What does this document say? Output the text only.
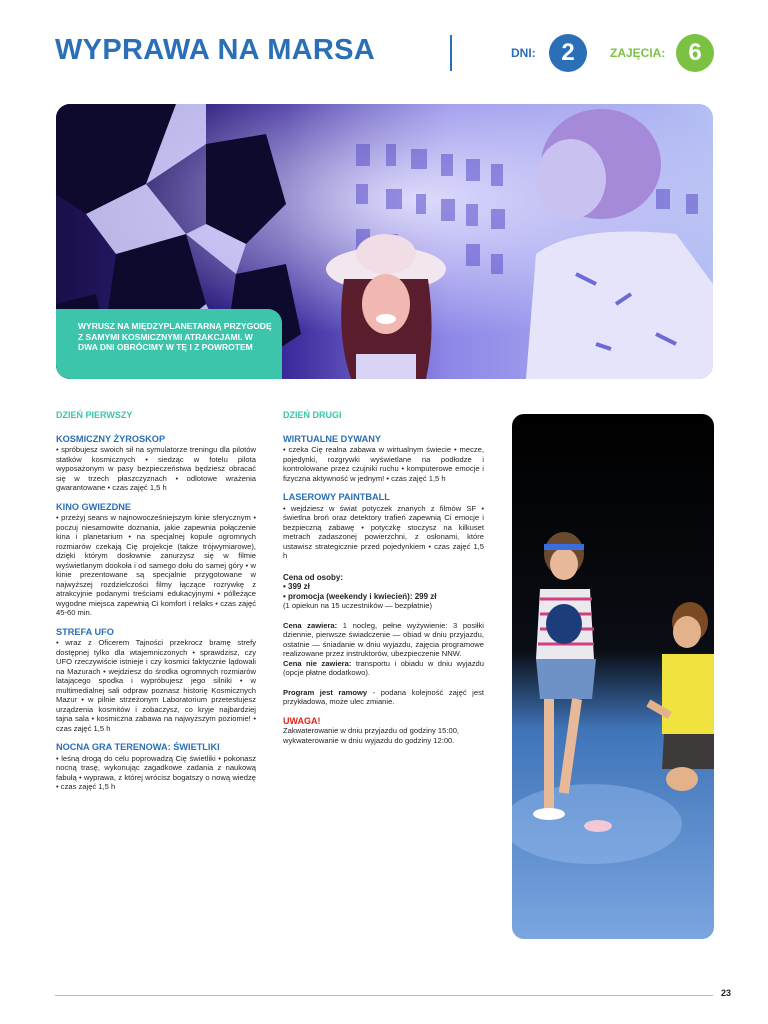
WYPRAWA NA MARSA	DNI:	2	ZAJĘCIA: 6
WYRUSZ NA MIĘDZYPLANETARNĄ PRZYGODĘ Z SAMYMI KOSMICZNYMI ATRAKCJAMI. W DWA DNI OBRÓCIMY W TĘ I Z POWROTEM
DZIEŃ PIERWSZY
KOSMICZNY ŻYROSKOP
• spróbujesz swoich sił na symulatorze treningu dla pilotów statków kosmicznych • siedząc w fotelu pilota wyposażonym w pasy bezpieczeństwa będziesz obracać się w trzech płaszczyznach • odlotowe wrażenia gwarantowane • czas zajęć 1,5 h
KINO GWIEZDNE
• przeżyj seans w najnowocześniejszym kinie sferycznym • poczuj niesamowite doznania, jakie zapewnia połączenie kina i planetarium • na specjalnej kopule ogromnych rozmiarów czekają Cię projekcje (także trójwymiarowe), dzięki którym dosłownie zanurzysz się w filmie wyświetlanym dookoła i od samego dołu do samej góry • w kinie prezentowane są specjalnie przygotowane w najwyższej rozdzielczości filmy łączące rozrywkę z atrakcyjnie podanymi treściami edukacyjnymi • pólleżące wygodne miejsca zapewnią Ci komfort i relaks • czas zajęć 45-60 min.
STREFA UFO
• wraz z Oficerem Tajności przekrocz bramę strefy dostępnej tylko dla wtajemniczonych • sprawdzisz, czy UFO rzeczywiście istnieje i czy kosmici faktycznie lądowali na Mazurach • wejdziesz do środka ogromnych rozmiarów latającego spodka i wypróbujesz jego silniki • w multimedialnej sali odpraw poznasz historię Kosmicznych Mazur • w pilnie strzeżonym Laboratorium przetestujesz urządzenia kosmitów i zobaczysz, co kryje najbardziej tajna sala • kosmiczna zabawa na najwyższym poziomie! • czas zajęć 1,5 h
NOCNA GRA TERENOWA: ŚWIETLIKI
• leśną drogą do celu poprowadzą Cię świetliki • pokonasz nocną trasę, wykonując zagadkowe zadania z naukową fabułą • wyprawa, z której wrócisz bogatszy o nową wiedzę • czas zajęć 1,5 h
DZIEŃ DRUGI
WIRTUALNE DYWANY
• czeka Cię realna zabawa w wirtualnym świecie • mecze, pojedynki, rozgrywki wyświetlane na podłodze i kontrolowane przez czujniki ruchu • komputerowe emocje i fizyczna aktywność w jednym! • czas zajęć 1,5 h
LASEROWY PAINTBALL
• wejdziesz w świat potyczek znanych z filmów SF • świetlna broń oraz detektory trafień zapewnią Ci emocje i bezpieczną zabawę • potyczkę stoczysz na kilkuset metrach zadaszonej powierzchni, z osłonami, które ustawisz strategicznie przed pojedynkiem • czas zajęć 1,5 h
Cena od osoby:
• 399 zł
• promocja (weekendy i kwiecień): 299 zł
(1 opiekun na 15 uczestników — bezpłatnie)
Cena zawiera: 1 nocleg, pełne wyżywienie: 3 posiłki dziennie, pierwsze świadczenie — obiad w dniu przyjazdu, ostatnie — śniadanie w dniu wyjazdu, zajęcia programowe realizowane przez instruktorów, ubezpieczenie NNW.
Cena nie zawiera: transportu i obiadu w dniu wyjazdu (opcje płatne dodatkowo).
Program jest ramowy - podana kolejność zajęć jest przykładowa, może ulec zmianie.
UWAGA!
Zakwaterowanie w dniu przyjazdu od godziny 15:00, wykwaterowanie w dniu wyjazdu do godziny 12:00.
23
